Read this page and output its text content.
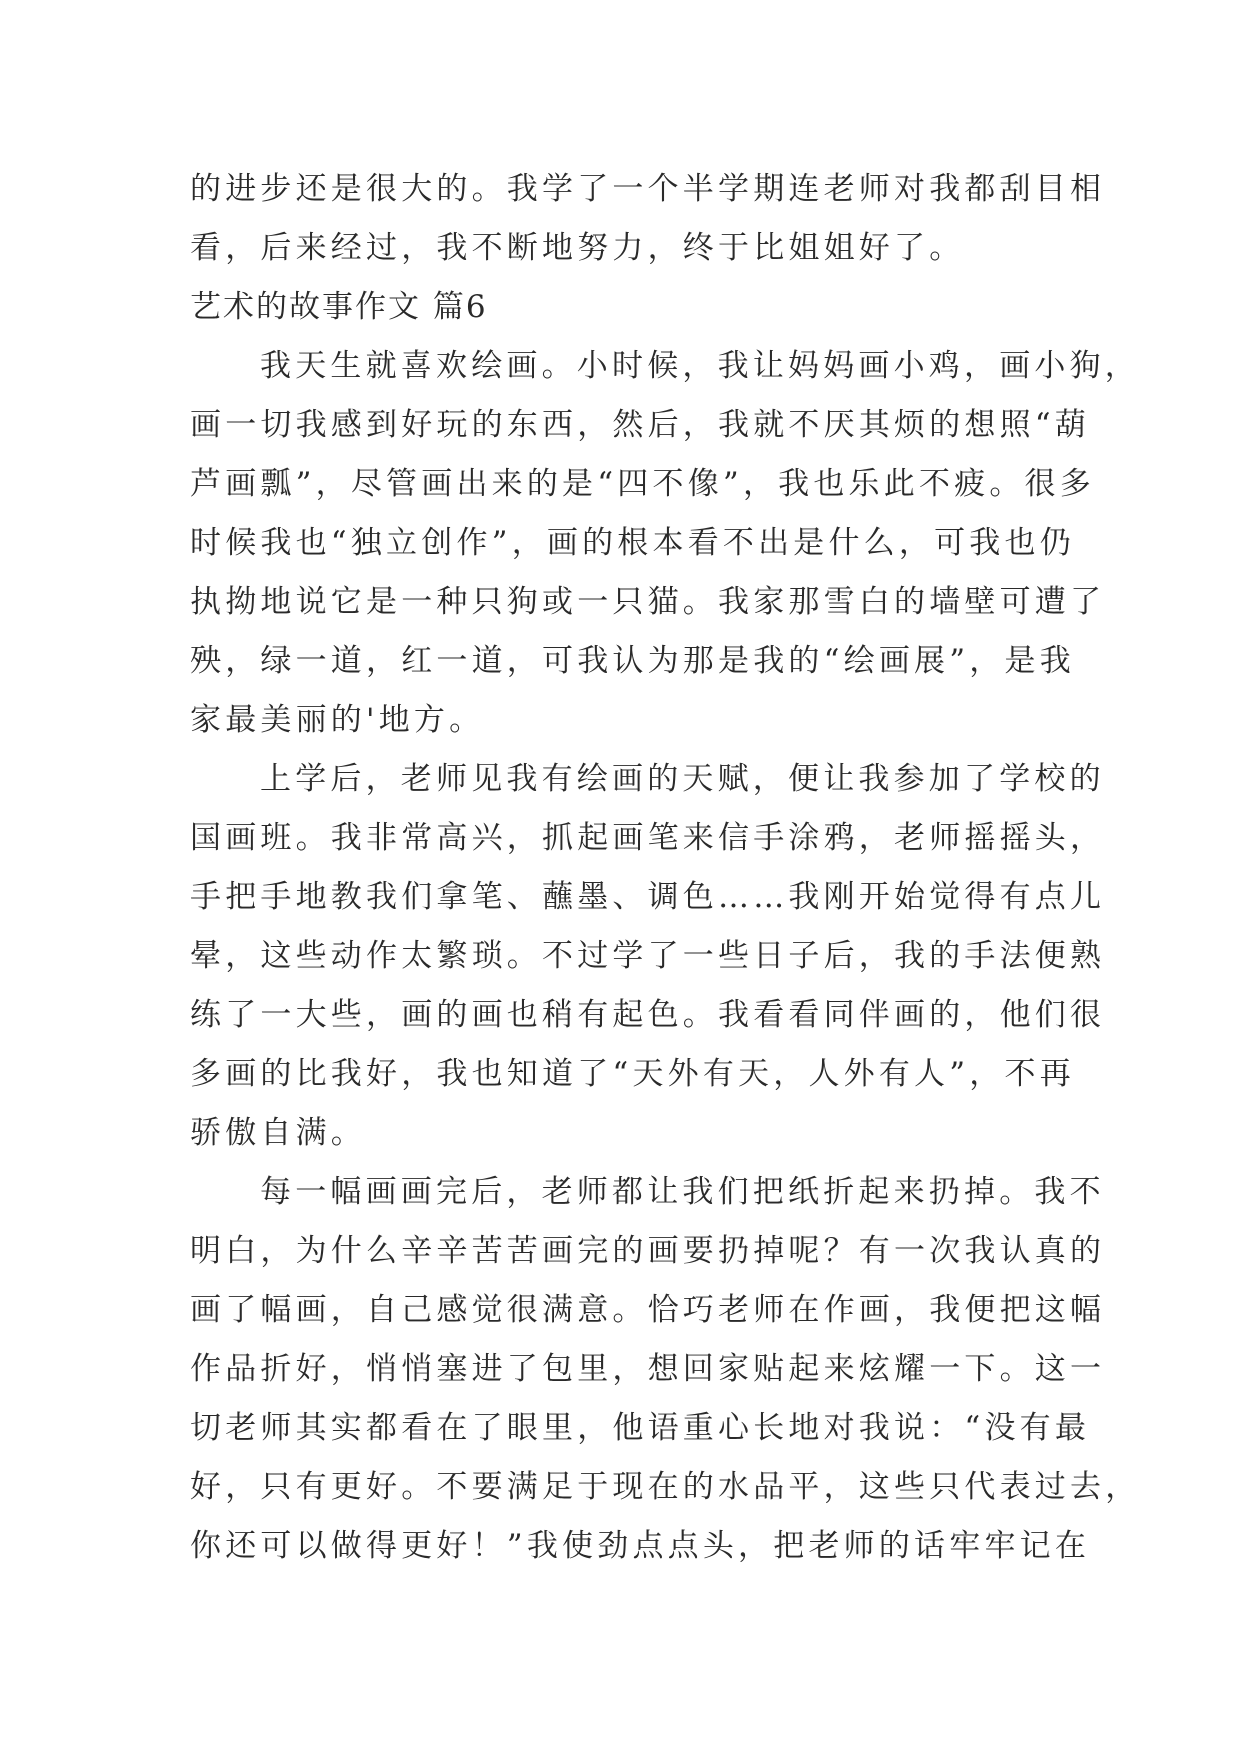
的进步还是很大的。我学了一个半学期连老师对我都刮目相
看，后来经过，我不断地努力，终于比姐姐好了。
艺术的故事作文 篇6
我天生就喜欢绘画。小时候，我让妈妈画小鸡，画小狗，
画一切我感到好玩的东西，然后，我就不厌其烦的想照“葫
芦画瓢”，尽管画出来的是“四不像”，我也乐此不疲。很多
时候我也“独立创作”，画的根本看不出是什么，可我也仍
执拗地说它是一种只狗或一只猫。我家那雪白的墙壁可遭了
殃，绿一道，红一道，可我认为那是我的“绘画展”，是我
家最美丽的'地方。
上学后，老师见我有绘画的天赋，便让我参加了学校的
国画班。我非常高兴，抓起画笔来信手涂鸦，老师摇摇头，
手把手地教我们拿笔、蘸墨、调色……我刚开始觉得有点儿
晕，这些动作太繁琐。不过学了一些日子后，我的手法便熟
练了一大些，画的画也稍有起色。我看看同伴画的，他们很
多画的比我好，我也知道了“天外有天，人外有人”，不再
骄傲自满。
每一幅画画完后，老师都让我们把纸折起来扔掉。我不
明白，为什么辛辛苦苦画完的画要扔掉呢？有一次我认真的
画了幅画，自己感觉很满意。恰巧老师在作画，我便把这幅
作品折好，悄悄塞进了包里，想回家贴起来炫耀一下。这一
切老师其实都看在了眼里，他语重心长地对我说：“没有最
好，只有更好。不要满足于现在的水品平，这些只代表过去，
你还可以做得更好！”我使劲点点头，把老师的话牢牢记在
